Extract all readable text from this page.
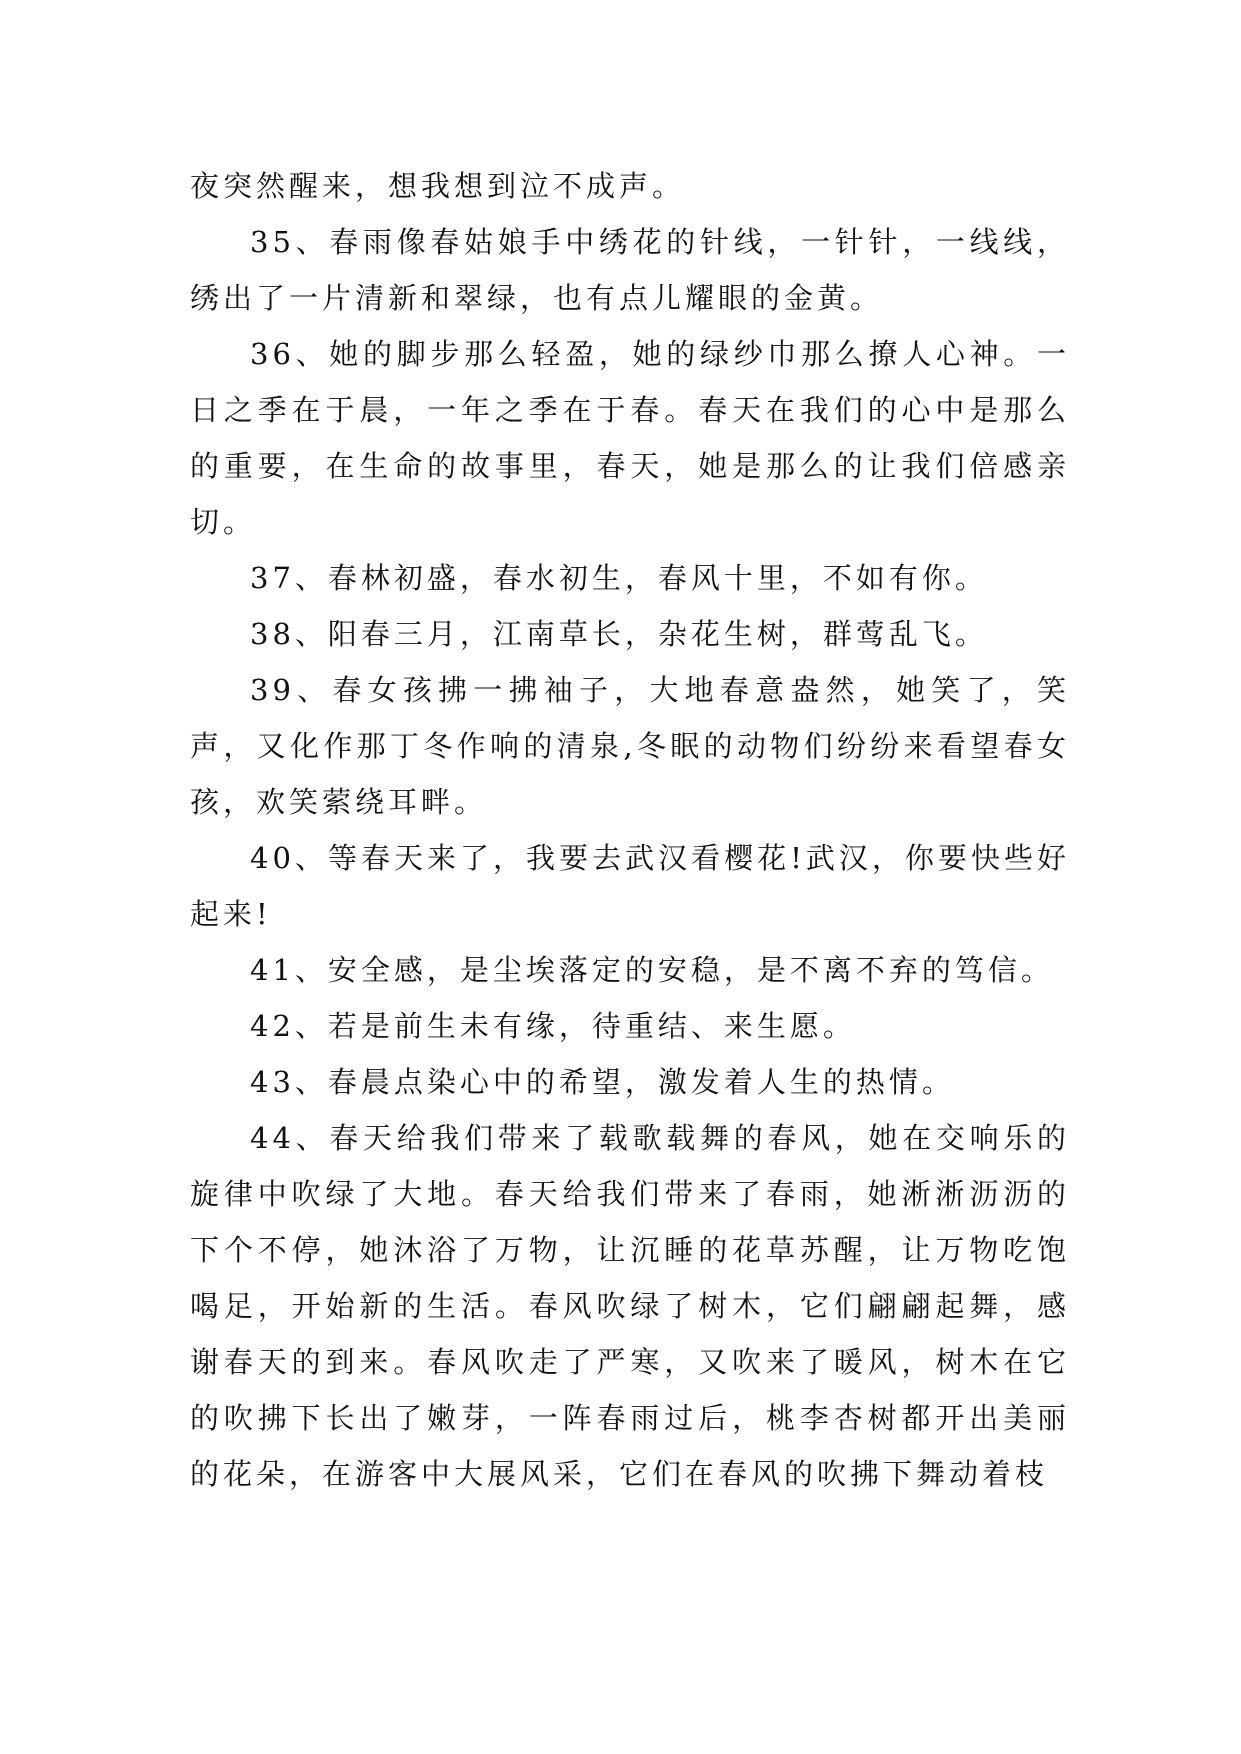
夜突然醒来，想我想到泣不成声。

35、春雨像春姑娘手中绣花的针线，一针针，一线线，绣出了一片清新和翠绿，也有点儿耀眼的金黄。

36、她的脚步那么轻盈，她的绿纱巾那么撩人心神。一日之季在于晨，一年之季在于春。春天在我们的心中是那么的重要，在生命的故事里，春天，她是那么的让我们倍感亲切。

37、春林初盛，春水初生，春风十里，不如有你。

38、阳春三月，江南草长，杂花生树，群莺乱飞。

39、春女孩拂一拂袖子，大地春意盎然，她笑了，笑声，又化作那丁冬作响的清泉,冬眠的动物们纷纷来看望春女孩，欢笑萦绕耳畔。

40、等春天来了，我要去武汉看樱花!武汉，你要快些好起来!

41、安全感，是尘埃落定的安稳，是不离不弃的笃信。

42、若是前生未有缘，待重结、来生愿。

43、春晨点染心中的希望，激发着人生的热情。

44、春天给我们带来了载歌载舞的春风，她在交响乐的旋律中吹绿了大地。春天给我们带来了春雨，她淅淅沥沥的下个不停，她沐浴了万物，让沉睡的花草苏醒，让万物吃饱喝足，开始新的生活。春风吹绿了树木，它们翩翩起舞，感谢春天的到来。春风吹走了严寒，又吹来了暖风，树木在它的吹拂下长出了嫩芽，一阵春雨过后，桃李杏树都开出美丽的花朵，在游客中大展风采，它们在春风的吹拂下舞动着枝
